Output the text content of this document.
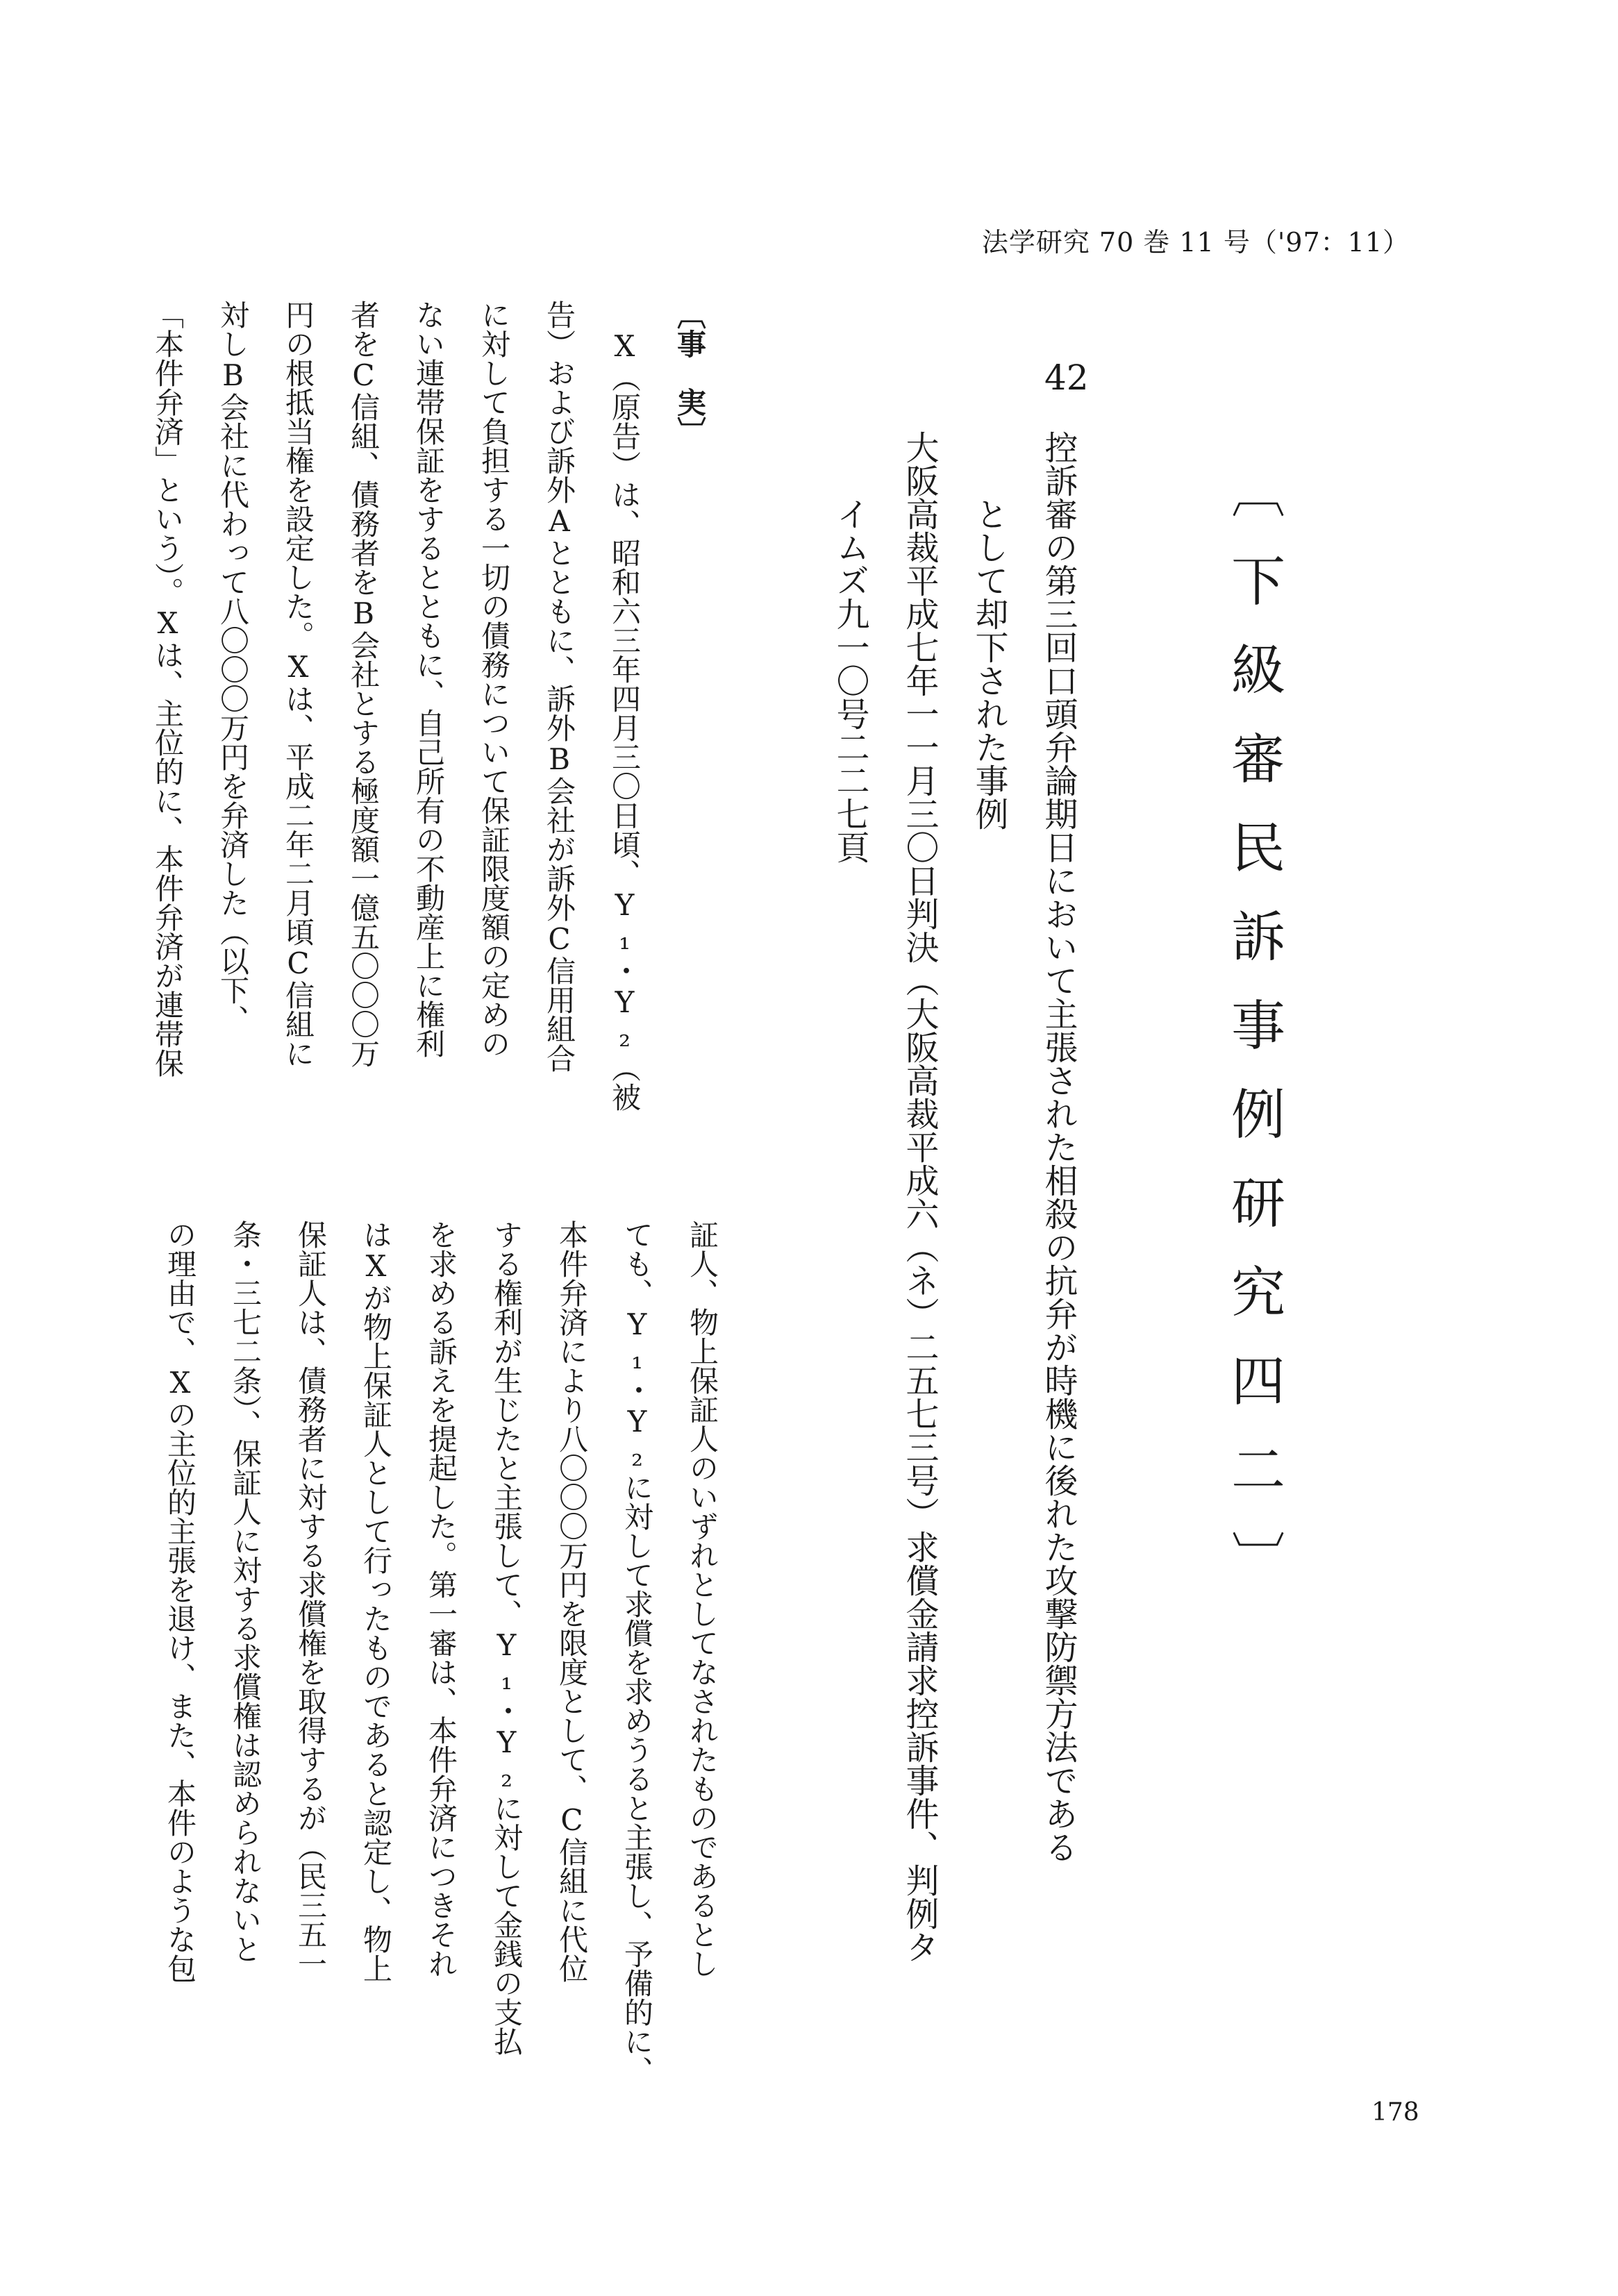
法学研究 70 巻 11 号（'97：11）
〔下級審民訴事例研究四二〕
42
控訴審の第三回口頭弁論期日において主張された相殺の抗弁が時機に後れた攻撃防禦方法である
として却下された事例
大阪高裁平成七年一一月三〇日判決（大阪高裁平成六（ネ）二五七三号）求償金請求控訴事件、判例タ
イムズ九一〇号二二七頁
〔事　実〕
X（原告）は、昭和六三年四月三〇日頃、Y₁・Y₂（被
告）および訴外Aとともに、訴外B会社が訴外C信用組合
に対して負担する一切の債務について保証限度額の定めの
ない連帯保証をするとともに、自己所有の不動産上に権利
者をC信組、債務者をB会社とする極度額一億五〇〇〇万
円の根抵当権を設定した。Xは、平成二年二月頃C信組に
対しB会社に代わって八〇〇〇万円を弁済した（以下、
「本件弁済」という）。Xは、主位的に、本件弁済が連帯保
証人、物上保証人のいずれとしてなされたものであるとし
ても、Y₁・Y₂に対して求償を求めうると主張し、予備的に、
本件弁済により八〇〇〇万円を限度として、C信組に代位
する権利が生じたと主張して、Y₁・Y₂に対して金銭の支払
を求める訴えを提起した。第一審は、本件弁済につきそれ
はXが物上保証人として行ったものであると認定し、物上
保証人は、債務者に対する求償権を取得するが（民三五一
条・三七二条）、保証人に対する求償権は認められないと
の理由で、Xの主位的主張を退け、また、本件のような包
178
